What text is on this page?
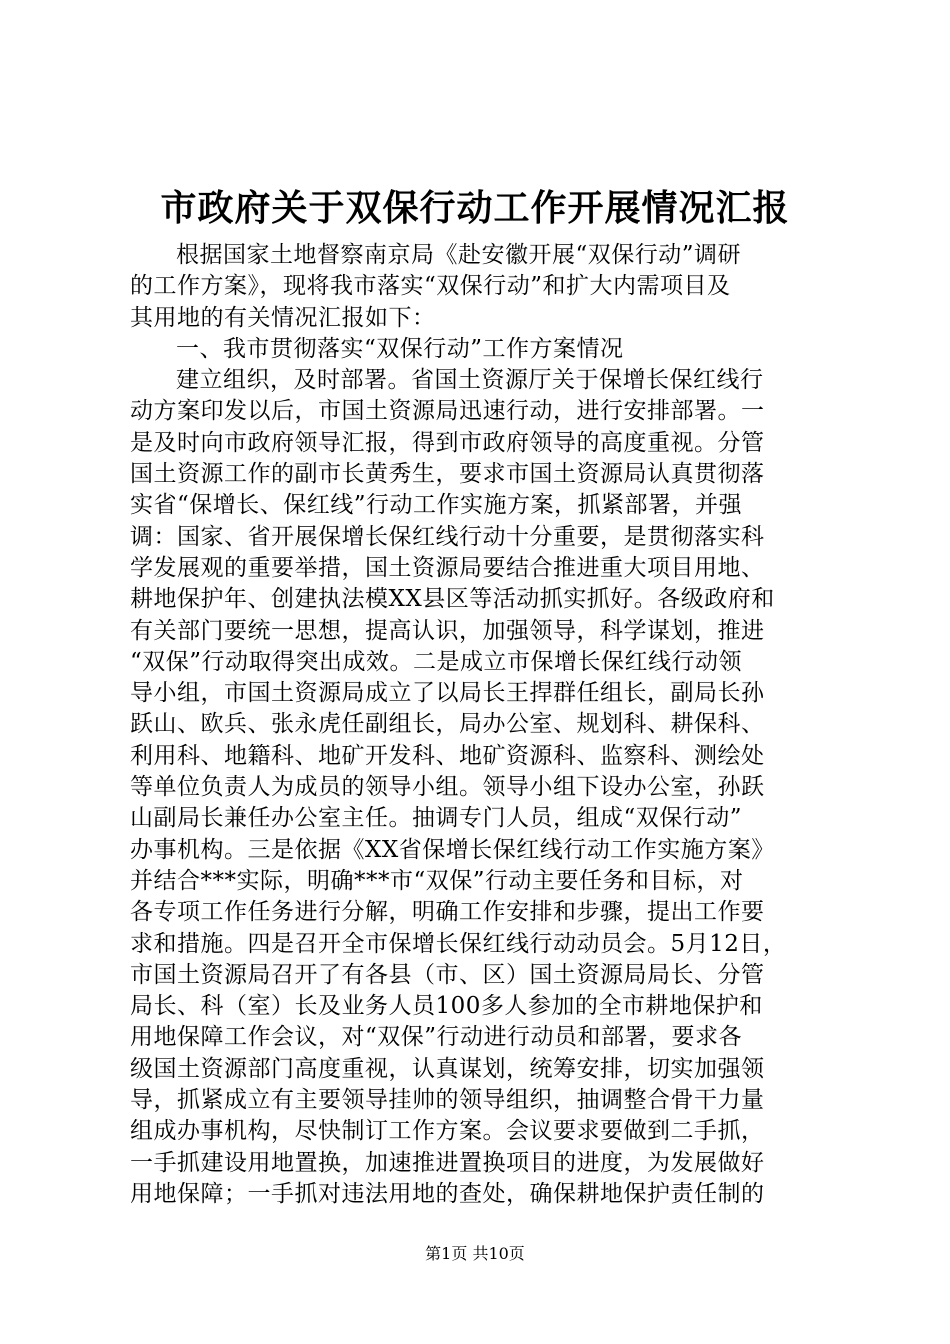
市政府关于双保行动工作开展情况汇报
根据国家土地督察南京局《赴安徽开展“双保行动”调研
的工作方案》，现将我市落实“双保行动”和扩大内需项目及
其用地的有关情况汇报如下：
一、我市贯彻落实“双保行动”工作方案情况
建立组织，及时部署。省国土资源厅关于保增长保红线行
动方案印发以后，市国土资源局迅速行动，进行安排部署。一
是及时向市政府领导汇报，得到市政府领导的高度重视。分管
国土资源工作的副市长黄秀生，要求市国土资源局认真贯彻落
实省“保增长、保红线”行动工作实施方案，抓紧部署，并强
调：国家、省开展保增长保红线行动十分重要，是贯彻落实科
学发展观的重要举措，国土资源局要结合推进重大项目用地、
耕地保护年、创建执法模XX县区等活动抓实抓好。各级政府和
有关部门要统一思想，提高认识，加强领导，科学谋划，推进
“双保”行动取得突出成效。二是成立市保增长保红线行动领
导小组，市国土资源局成立了以局长王捍群任组长，副局长孙
跃山、欧兵、张永虎任副组长，局办公室、规划科、耕保科、
利用科、地籍科、地矿开发科、地矿资源科、监察科、测绘处
等单位负责人为成员的领导小组。领导小组下设办公室，孙跃
山副局长兼任办公室主任。抽调专门人员，组成“双保行动”
办事机构。三是依据《XX省保增长保红线行动工作实施方案》
并结合***实际，明确***市“双保”行动主要任务和目标，对
各专项工作任务进行分解，明确工作安排和步骤，提出工作要
求和措施。四是召开全市保增长保红线行动动员会。5月12日，
市国土资源局召开了有各县（市、区）国土资源局局长、分管
局长、科（室）长及业务人员100多人参加的全市耕地保护和
用地保障工作会议，对“双保”行动进行动员和部署，要求各
级国土资源部门高度重视，认真谋划，统筹安排，切实加强领
导，抓紧成立有主要领导挂帅的领导组织，抽调整合骨干力量
组成办事机构，尽快制订工作方案。会议要求要做到二手抓，
一手抓建设用地置换，加速推进置换项目的进度，为发展做好
用地保障；一手抓对违法用地的查处，确保耕地保护责任制的
第1页 共10页
